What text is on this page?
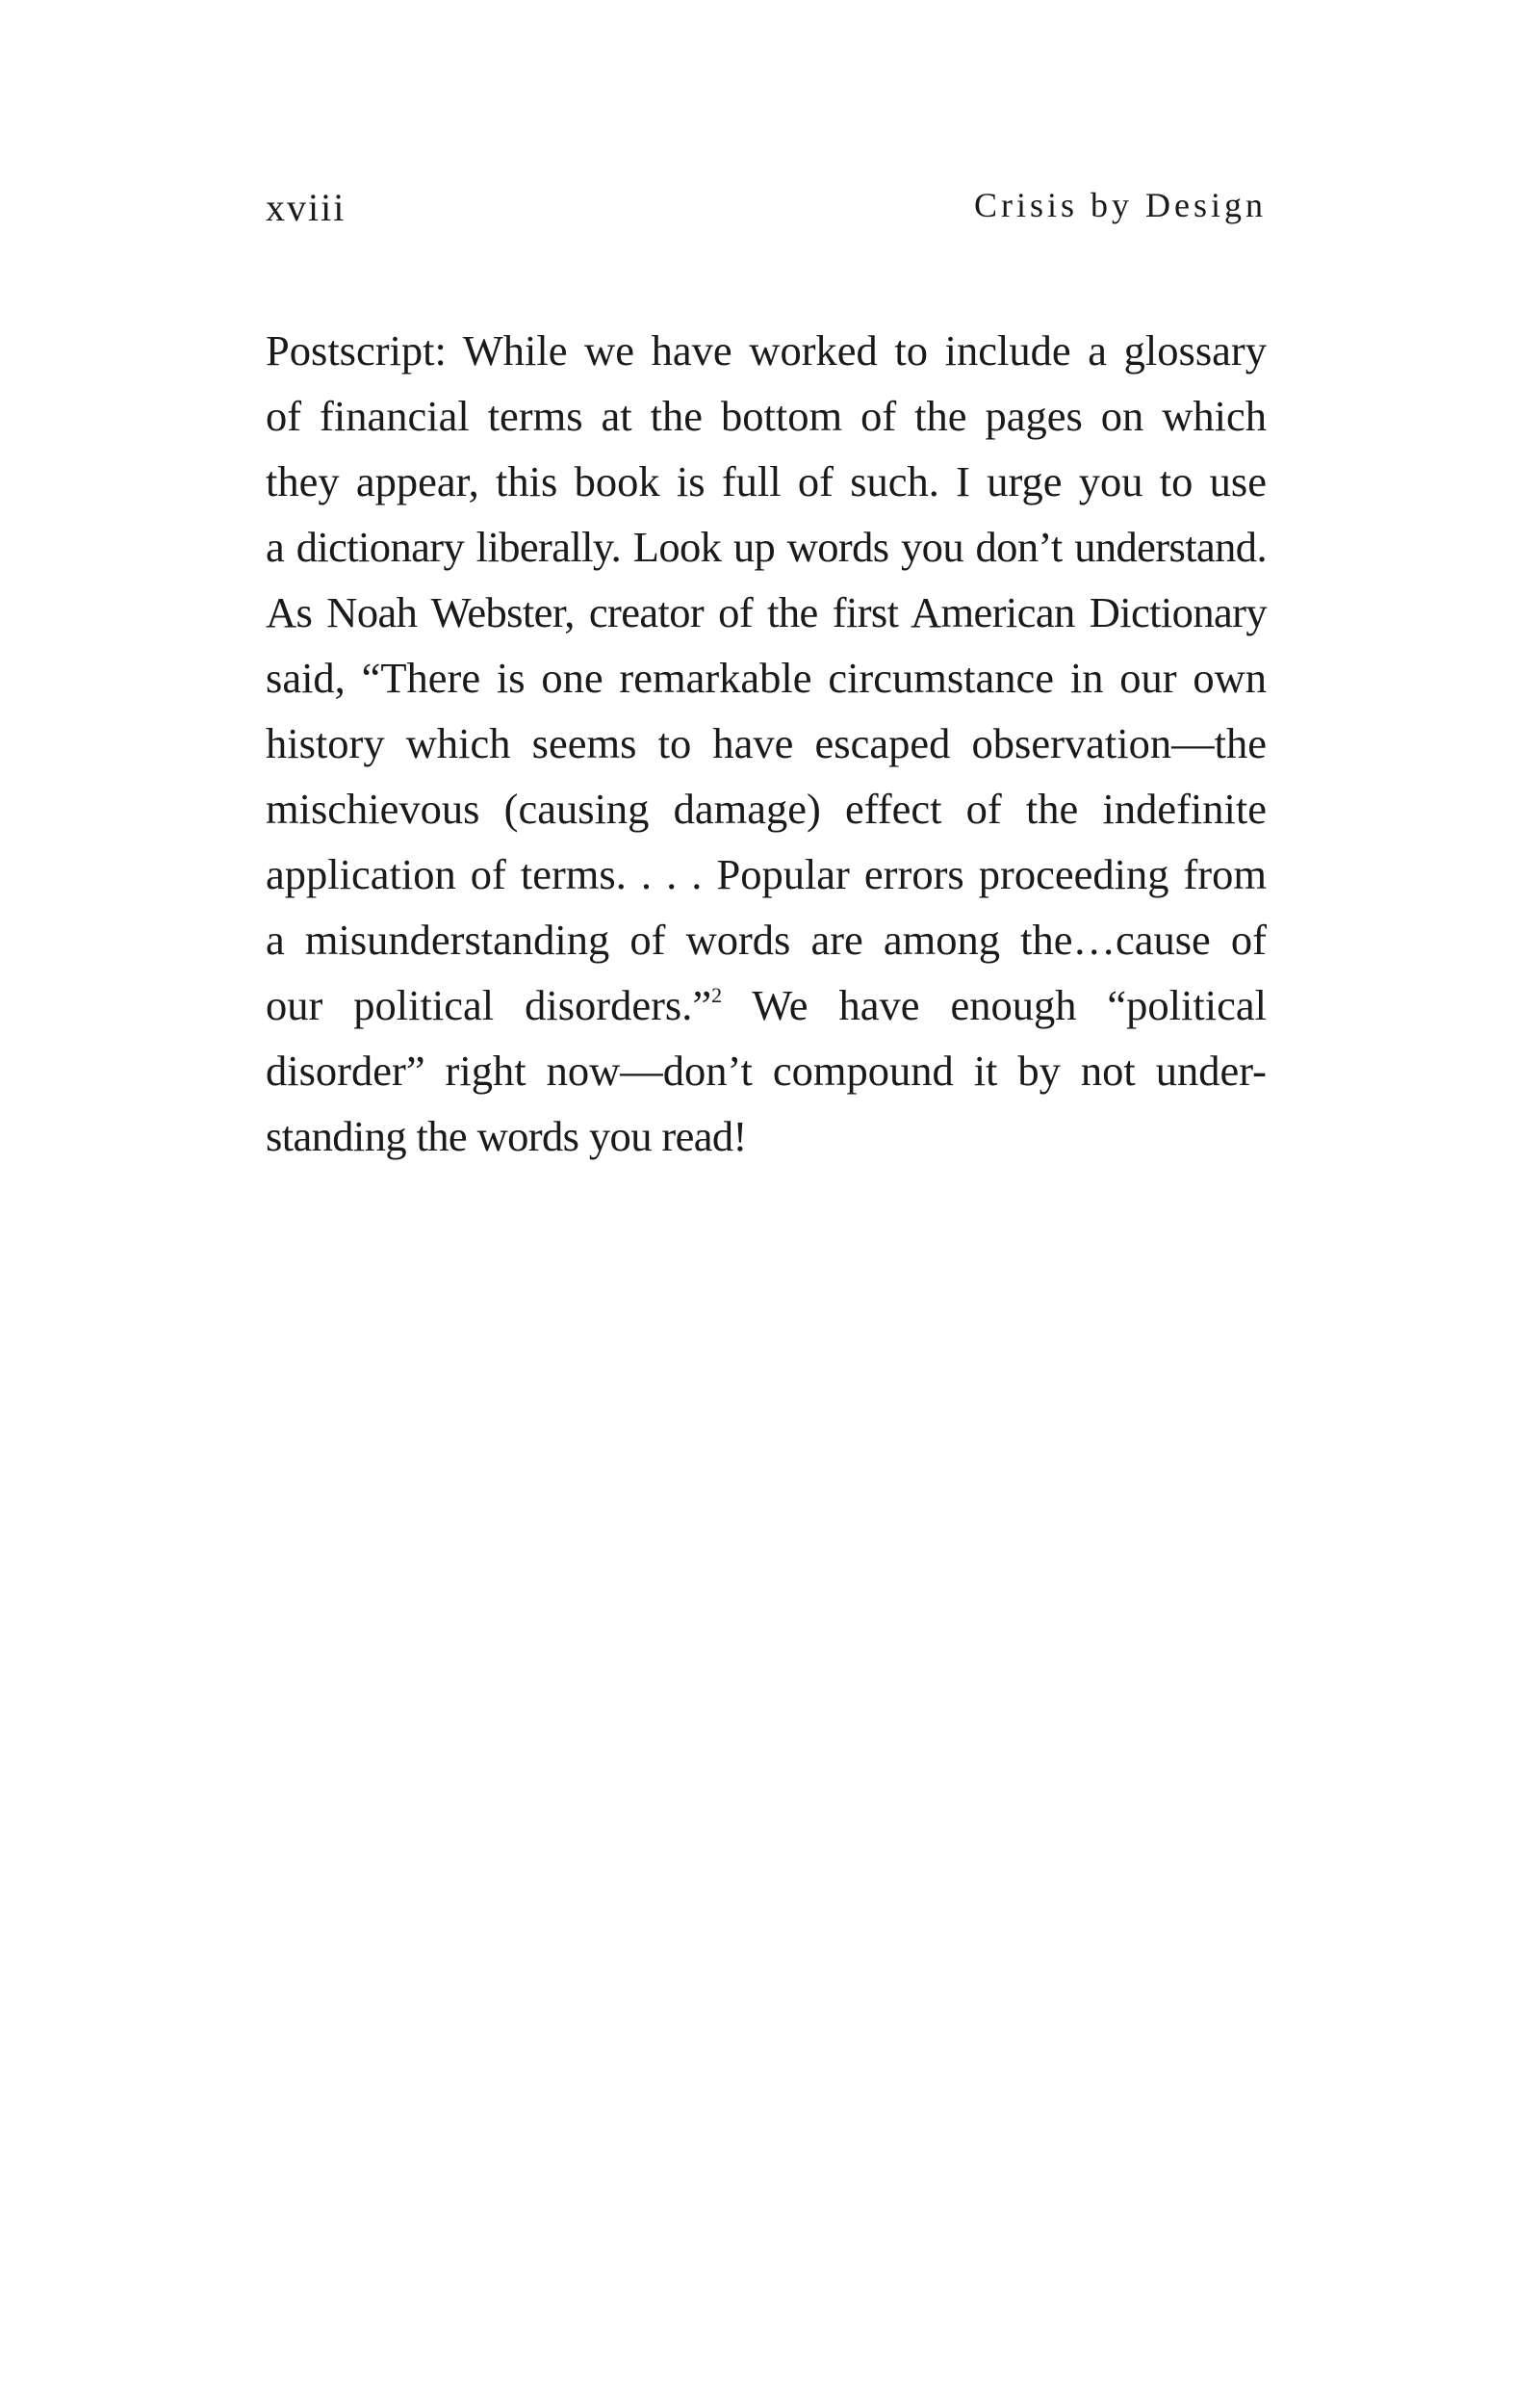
xviii	Crisis by Design
Postscript: While we have worked to include a glossary
of financial terms at the bottom of the pages on which
they appear, this book is full of such. I urge you to use
a dictionary liberally. Look up words you don’t understand.
As Noah Webster, creator of the first American Dictionary
said, “There is one remarkable circumstance in our own
history which seems to have escaped observation—the
mischievous (causing damage) effect of the indefinite
application of terms. . . . Popular errors proceeding from
a misunderstanding of words are among the…cause of
our political disorders.”$^2$ We have enough “political
disorder” right now—don’t compound it by not under-
standing the words you read!
